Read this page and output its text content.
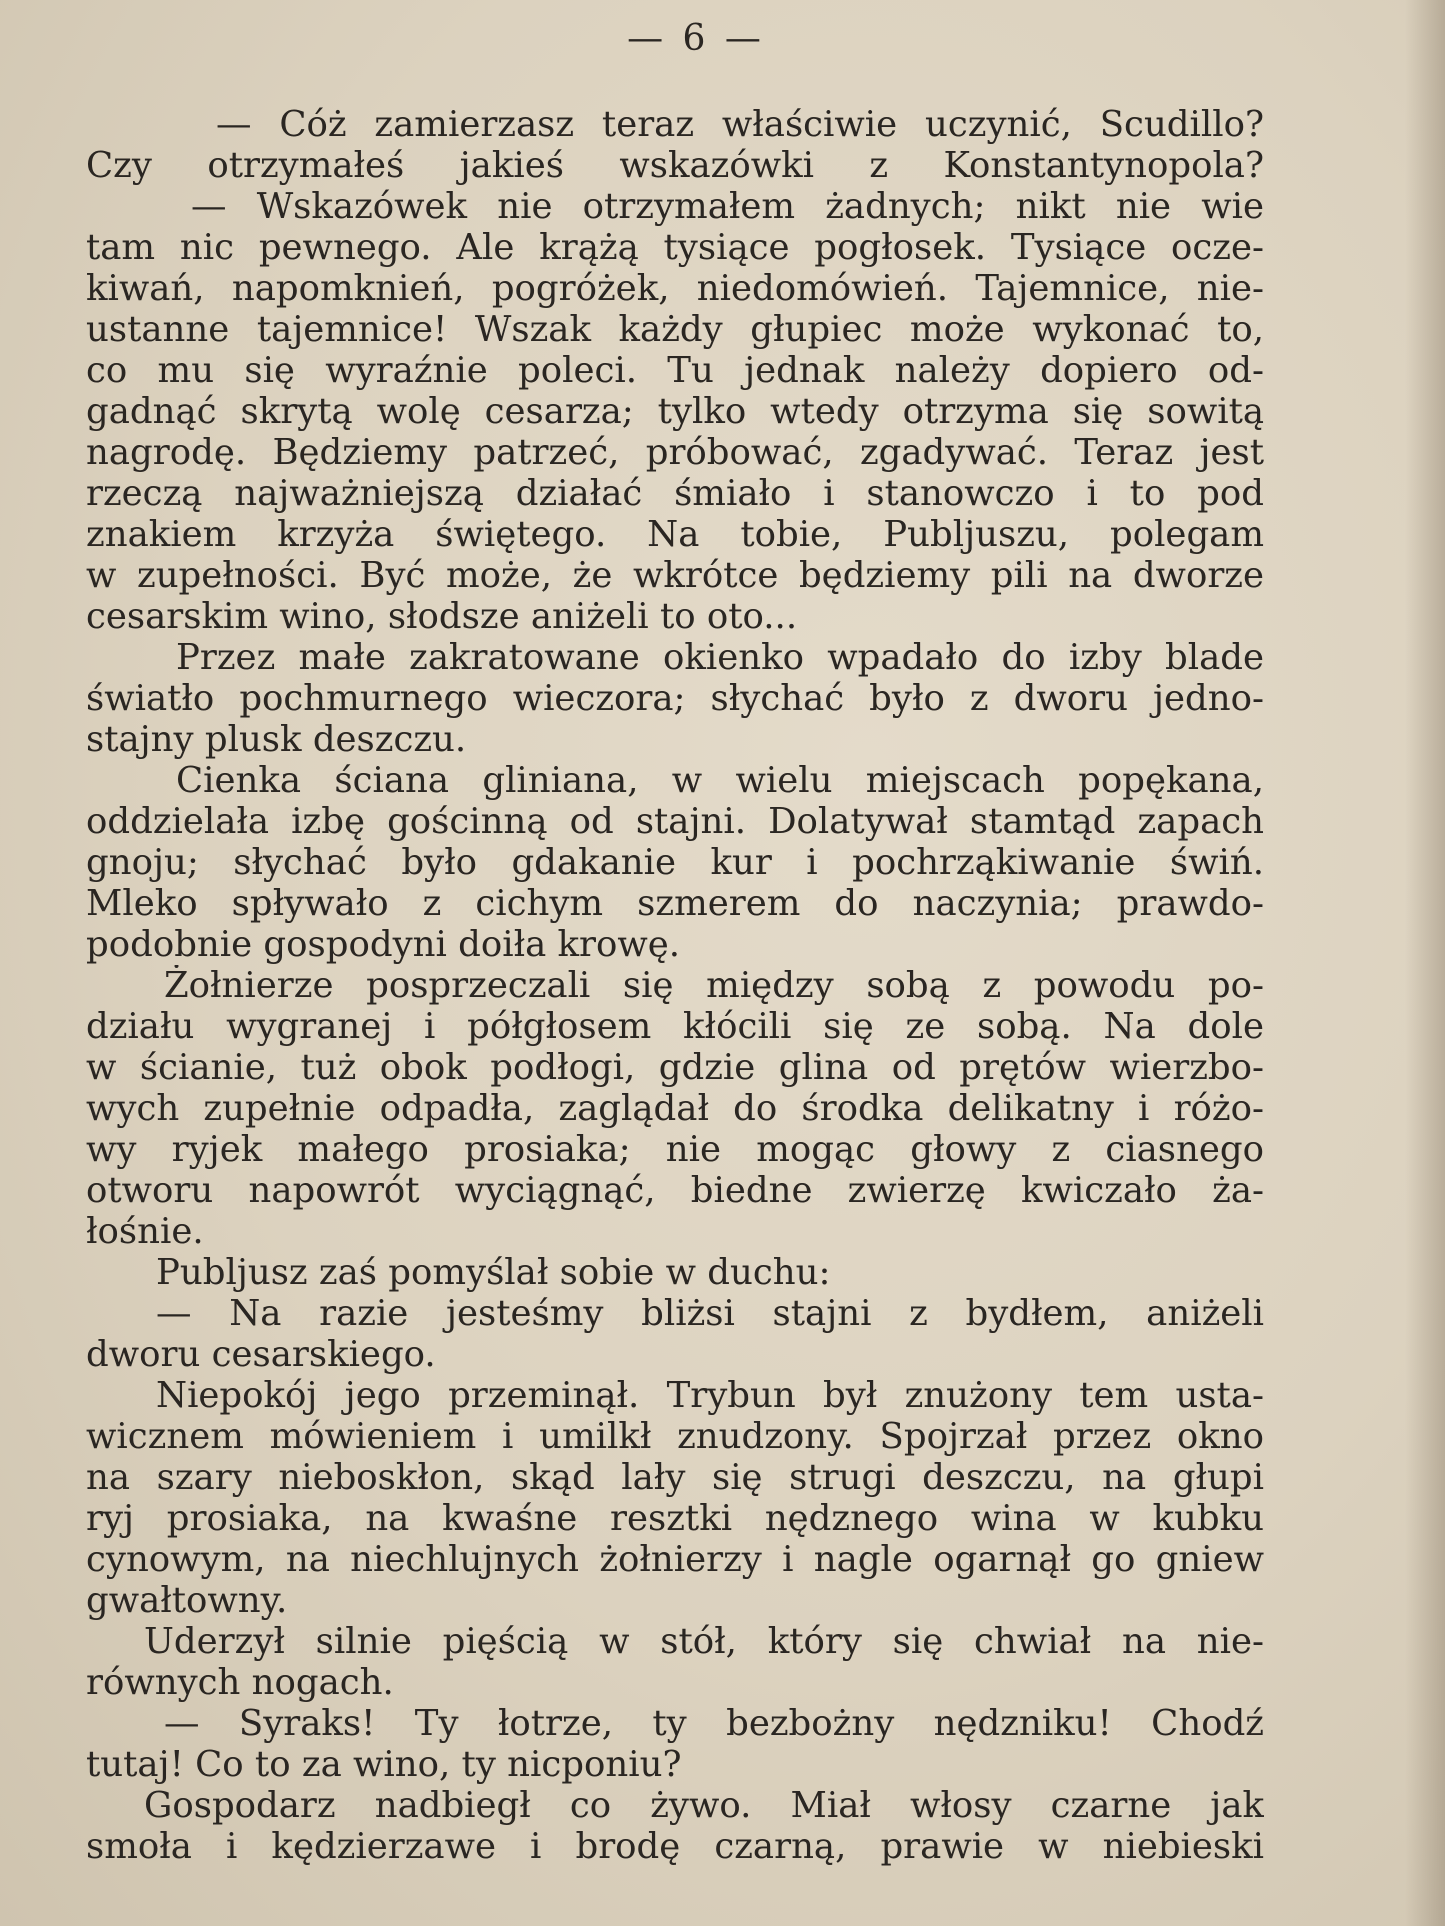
— 6 —
— Cóż zamierzasz teraz właściwie uczynić, Scudillo?
Czy otrzymałeś jakieś wskazówki z Konstantynopola?
— Wskazówek nie otrzymałem żadnych; nikt nie wie
tam nic pewnego. Ale krążą tysiące pogłosek. Tysiące ocze-
kiwań, napomknień, pogróżek, niedomówień. Tajemnice, nie-
ustanne tajemnice! Wszak każdy głupiec może wykonać to,
co mu się wyraźnie poleci. Tu jednak należy dopiero od-
gadnąć skrytą wolę cesarza; tylko wtedy otrzyma się sowitą
nagrodę. Będziemy patrzeć, próbować, zgadywać. Teraz jest
rzeczą najważniejszą działać śmiało i stanowczo i to pod
znakiem krzyża świętego. Na tobie, Publjuszu, polegam
w zupełności. Być może, że wkrótce będziemy pili na dworze
cesarskim wino, słodsze aniżeli to oto...
Przez małe zakratowane okienko wpadało do izby blade
światło pochmurnego wieczora; słychać było z dworu jedno-
stajny plusk deszczu.
Cienka ściana gliniana, w wielu miejscach popękana,
oddzielała izbę gościnną od stajni. Dolatywał stamtąd zapach
gnoju; słychać było gdakanie kur i pochrząkiwanie świń.
Mleko spływało z cichym szmerem do naczynia; prawdo-
podobnie gospodyni doiła krowę.
Żołnierze posprzeczali się między sobą z powodu po-
działu wygranej i półgłosem kłócili się ze sobą. Na dole
w ścianie, tuż obok podłogi, gdzie glina od prętów wierzbo-
wych zupełnie odpadła, zaglądał do środka delikatny i różo-
wy ryjek małego prosiaka; nie mogąc głowy z ciasnego
otworu napowrót wyciągnąć, biedne zwierzę kwiczało ża-
łośnie.
Publjusz zaś pomyślał sobie w duchu:
— Na razie jesteśmy bliżsi stajni z bydłem, aniżeli
dworu cesarskiego.
Niepokój jego przeminął. Trybun był znużony tem usta-
wicznem mówieniem i umilkł znudzony. Spojrzał przez okno
na szary nieboskłon, skąd lały się strugi deszczu, na głupi
ryj prosiaka, na kwaśne resztki nędznego wina w kubku
cynowym, na niechlujnych żołnierzy i nagle ogarnął go gniew
gwałtowny.
Uderzył silnie pięścią w stół, który się chwiał na nie-
równych nogach.
— Syraks! Ty łotrze, ty bezbożny nędzniku! Chodź
tutaj! Co to za wino, ty nicponiu?
Gospodarz nadbiegł co żywo. Miał włosy czarne jak
smoła i kędzierzawe i brodę czarną, prawie w niebieski
